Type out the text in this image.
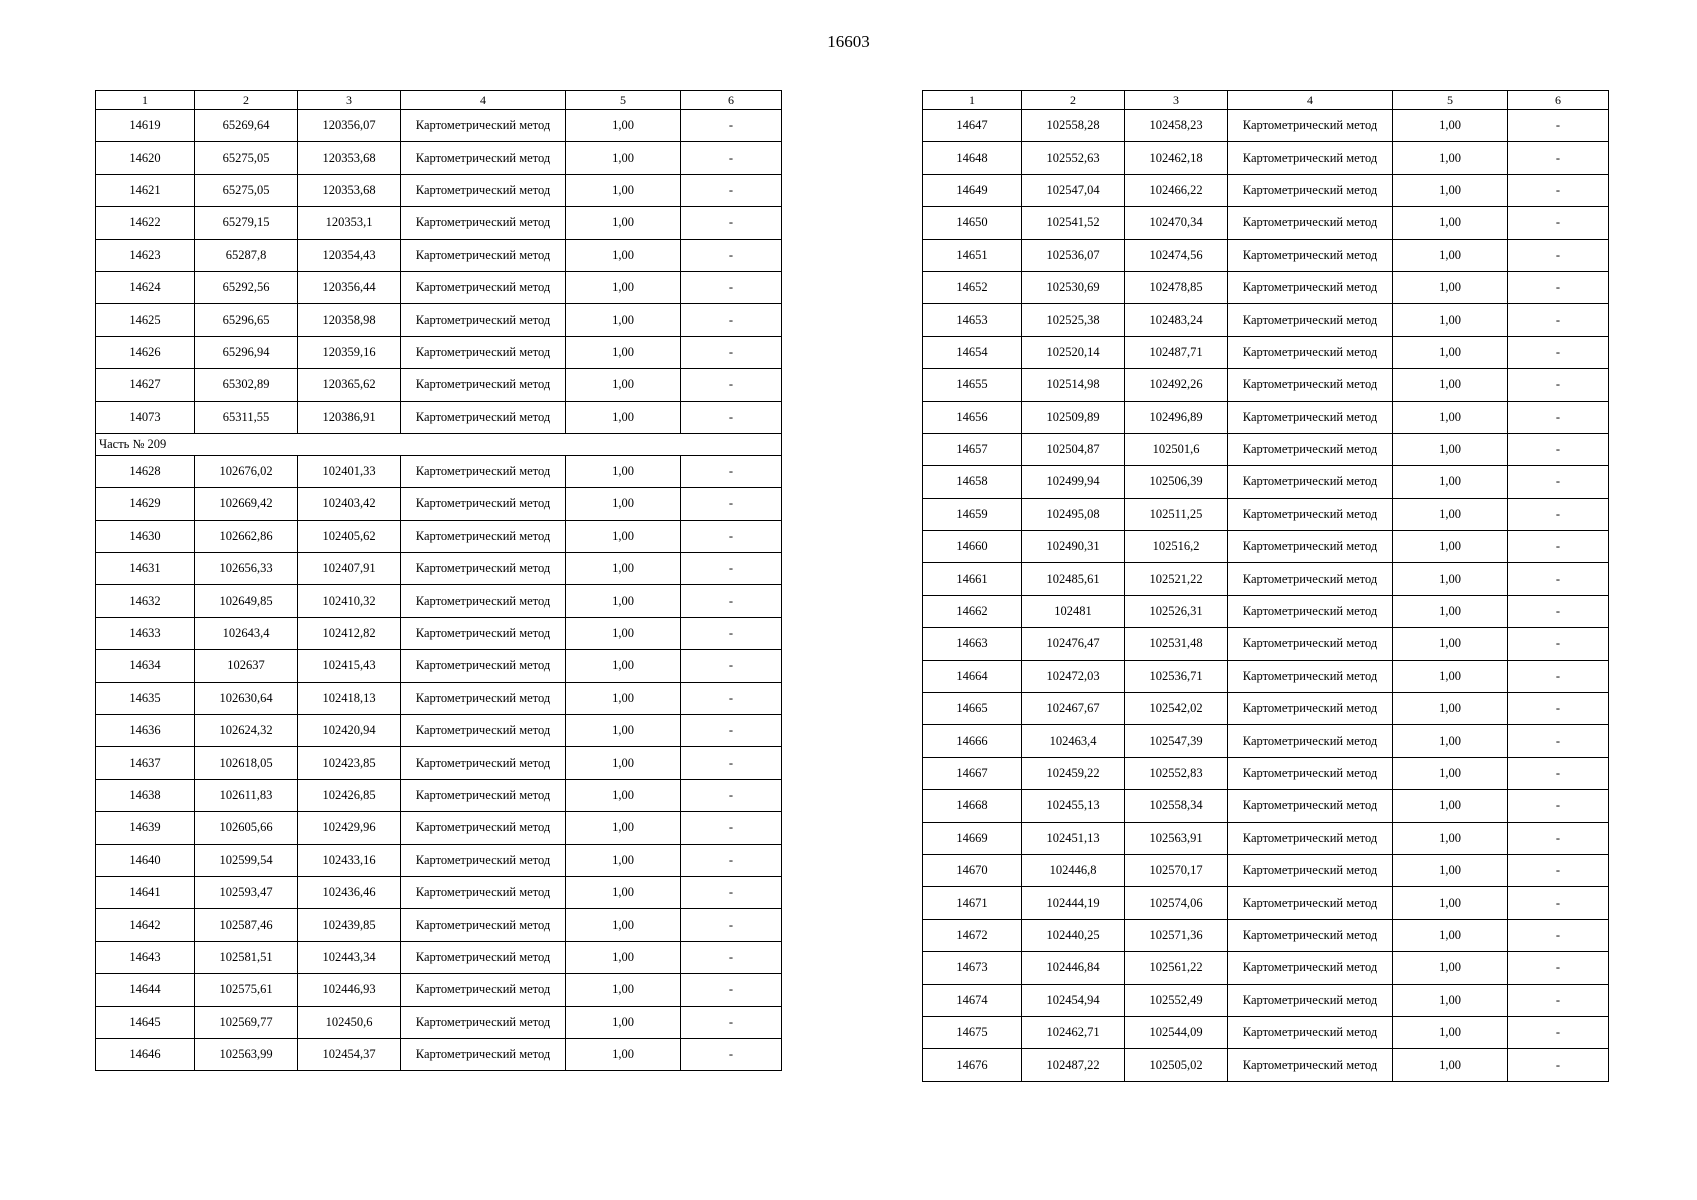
16603
1	2	3	4	5	6
14619	65269,64	120356,07	Картометрический метод	1,00	-
14620	65275,05	120353,68	Картометрический метод	1,00	-
14621	65275,05	120353,68	Картометрический метод	1,00	-
14622	65279,15	120353,1	Картометрический метод	1,00	-
14623	65287,8	120354,43	Картометрический метод	1,00	-
14624	65292,56	120356,44	Картометрический метод	1,00	-
14625	65296,65	120358,98	Картометрический метод	1,00	-
14626	65296,94	120359,16	Картометрический метод	1,00	-
14627	65302,89	120365,62	Картометрический метод	1,00	-
14073	65311,55	120386,91	Картометрический метод	1,00	-
Часть № 209					
14628	102676,02	102401,33	Картометрический метод	1,00	-
14629	102669,42	102403,42	Картометрический метод	1,00	-
14630	102662,86	102405,62	Картометрический метод	1,00	-
14631	102656,33	102407,91	Картометрический метод	1,00	-
14632	102649,85	102410,32	Картометрический метод	1,00	-
14633	102643,4	102412,82	Картометрический метод	1,00	-
14634	102637	102415,43	Картометрический метод	1,00	-
14635	102630,64	102418,13	Картометрический метод	1,00	-
14636	102624,32	102420,94	Картометрический метод	1,00	-
14637	102618,05	102423,85	Картометрический метод	1,00	-
14638	102611,83	102426,85	Картометрический метод	1,00	-
14639	102605,66	102429,96	Картометрический метод	1,00	-
14640	102599,54	102433,16	Картометрический метод	1,00	-
14641	102593,47	102436,46	Картометрический метод	1,00	-
14642	102587,46	102439,85	Картометрический метод	1,00	-
14643	102581,51	102443,34	Картометрический метод	1,00	-
14644	102575,61	102446,93	Картометрический метод	1,00	-
14645	102569,77	102450,6	Картометрический метод	1,00	-
14646	102563,99	102454,37	Картометрический метод	1,00	-
1	2	3	4	5	6
14647	102558,28	102458,23	Картометрический метод	1,00	-
14648	102552,63	102462,18	Картометрический метод	1,00	-
14649	102547,04	102466,22	Картометрический метод	1,00	-
14650	102541,52	102470,34	Картометрический метод	1,00	-
14651	102536,07	102474,56	Картометрический метод	1,00	-
14652	102530,69	102478,85	Картометрический метод	1,00	-
14653	102525,38	102483,24	Картометрический метод	1,00	-
14654	102520,14	102487,71	Картометрический метод	1,00	-
14655	102514,98	102492,26	Картометрический метод	1,00	-
14656	102509,89	102496,89	Картометрический метод	1,00	-
14657	102504,87	102501,6	Картометрический метод	1,00	-
14658	102499,94	102506,39	Картометрический метод	1,00	-
14659	102495,08	102511,25	Картометрический метод	1,00	-
14660	102490,31	102516,2	Картометрический метод	1,00	-
14661	102485,61	102521,22	Картометрический метод	1,00	-
14662	102481	102526,31	Картометрический метод	1,00	-
14663	102476,47	102531,48	Картометрический метод	1,00	-
14664	102472,03	102536,71	Картометрический метод	1,00	-
14665	102467,67	102542,02	Картометрический метод	1,00	-
14666	102463,4	102547,39	Картометрический метод	1,00	-
14667	102459,22	102552,83	Картометрический метод	1,00	-
14668	102455,13	102558,34	Картометрический метод	1,00	-
14669	102451,13	102563,91	Картометрический метод	1,00	-
14670	102446,8	102570,17	Картометрический метод	1,00	-
14671	102444,19	102574,06	Картометрический метод	1,00	-
14672	102440,25	102571,36	Картометрический метод	1,00	-
14673	102446,84	102561,22	Картометрический метод	1,00	-
14674	102454,94	102552,49	Картометрический метод	1,00	-
14675	102462,71	102544,09	Картометрический метод	1,00	-
14676	102487,22	102505,02	Картометрический метод	1,00	-
